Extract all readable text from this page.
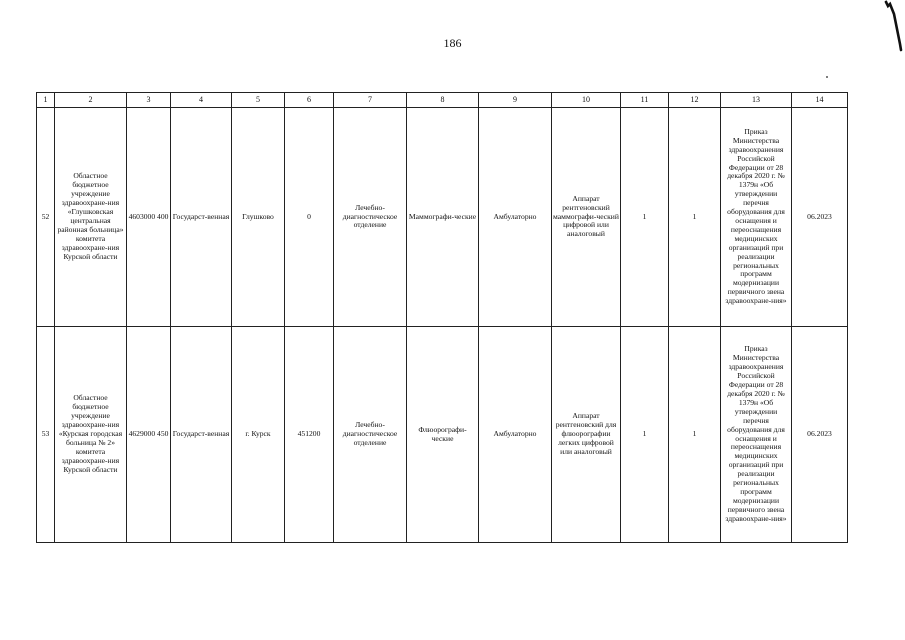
186
1	2	3	4	5	6	7	8	9	10	11	12	13	14
52	Областное бюджетное учреждение здравоохране-ния «Глушковская центральная районная больница» комитета здравоохране-ния Курской области	4603000 400	Государст-венная	Глушково	0	Лечебно-диагностическое отделение	Маммографи-ческие	Амбулаторно	Аппарат рентгеновский маммографи-ческий цифровой или аналоговый	1	1	Приказ Министерства здравоохранения Российской Федерации от 28 декабря 2020 г. № 1379н «Об утверждении перечня оборудования для оснащения и переоснащения медицинских организаций при реализации региональных программ модернизации первичного звена здравоохране-ния»	06.2023
53	Областное бюджетное учреждение здравоохране-ния «Курская городская больница № 2» комитета здравоохране-ния Курской области	4629000 450	Государст-венная	г. Курск	451200	Лечебно-диагностическое отделение	Флюорографи-ческие	Амбулаторно	Аппарат рентгеновский для флюорографии легких цифровой или аналоговый	1	1	Приказ Министерства здравоохранения Российской Федерации от 28 декабря 2020 г. № 1379н «Об утверждении перечня оборудования для оснащения и переоснащения медицинских организаций при реализации региональных программ модернизации первичного звена здравоохране-ния»	06.2023
